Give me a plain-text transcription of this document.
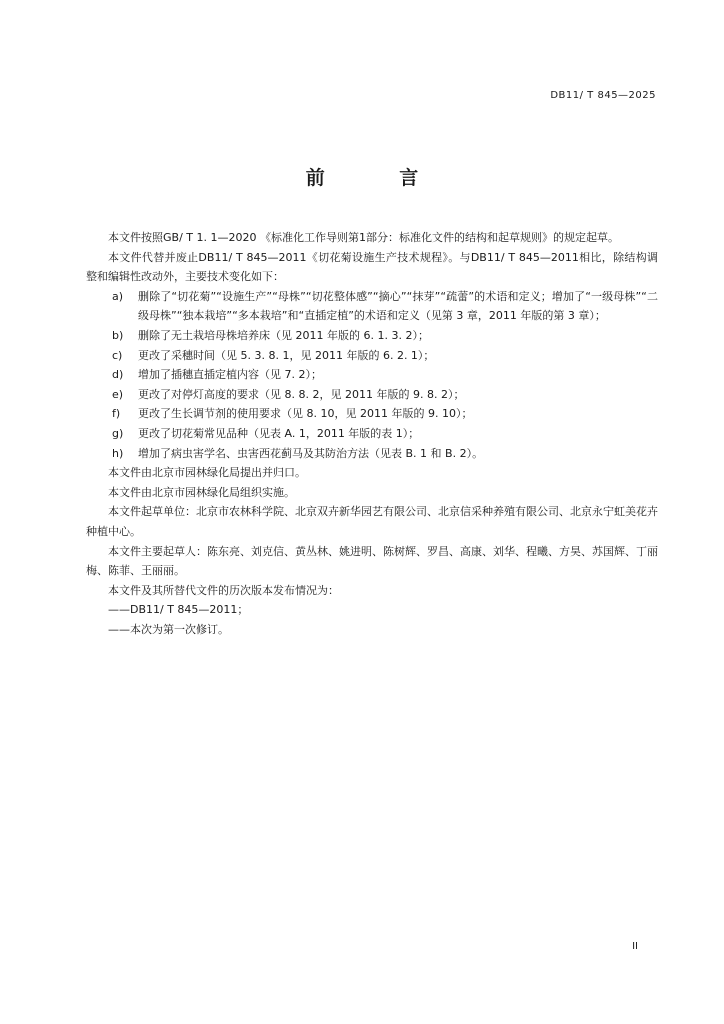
DB11/ T 845—2025
前 言

本文件按照GB/ T 1. 1—2020 《标准化工作导则第1部分：标准化文件的结构和起草规则》的规定起草。

本文件代替并废止DB11/ T 845—2011《切花菊设施生产技术规程》。与DB11/ T 845—2011相比，除结构调整和编辑性改动外，主要技术变化如下：

a)	删除了“切花菊”“设施生产”“母株”“切花整体感”“摘心”“抹芽”“疏蕾”的术语和定义；增加了“一级母株”“二级母株”“独本栽培”“多本栽培”和“直插定植”的术语和定义（见第 3 章，2011 年版的第 3 章）；
b)	删除了无土栽培母株培养床（见 2011 年版的 6. 1. 3. 2）；
c)	更改了采穗时间（见 5. 3. 8. 1，见 2011 年版的 6. 2. 1）；
d)	增加了插穗直插定植内容（见 7. 2）；
e)	更改了对停灯高度的要求（见 8. 8. 2，见 2011 年版的 9. 8. 2）；
f)	更改了生长调节剂的使用要求（见 8. 10，见 2011 年版的 9. 10）；
g)	更改了切花菊常见品种（见表 A. 1，2011 年版的表 1）；
h)	增加了病虫害学名、虫害西花蓟马及其防治方法（见表 B. 1 和 B. 2）。

本文件由北京市园林绿化局提出并归口。

本文件由北京市园林绿化局组织实施。

本文件起草单位：北京市农林科学院、北京双卉新华园艺有限公司、北京信采种养殖有限公司、北京永宁虹美花卉种植中心。

本文件主要起草人：陈东亮、刘克信、黄丛林、姚进明、陈树辉、罗昌、高康、刘华、程曦、方昊、苏国辉、丁丽梅、陈菲、王丽丽。

本文件及其所替代文件的历次版本发布情况为：

——DB11/ T 845—2011；

——本次为第一次修订。

II
